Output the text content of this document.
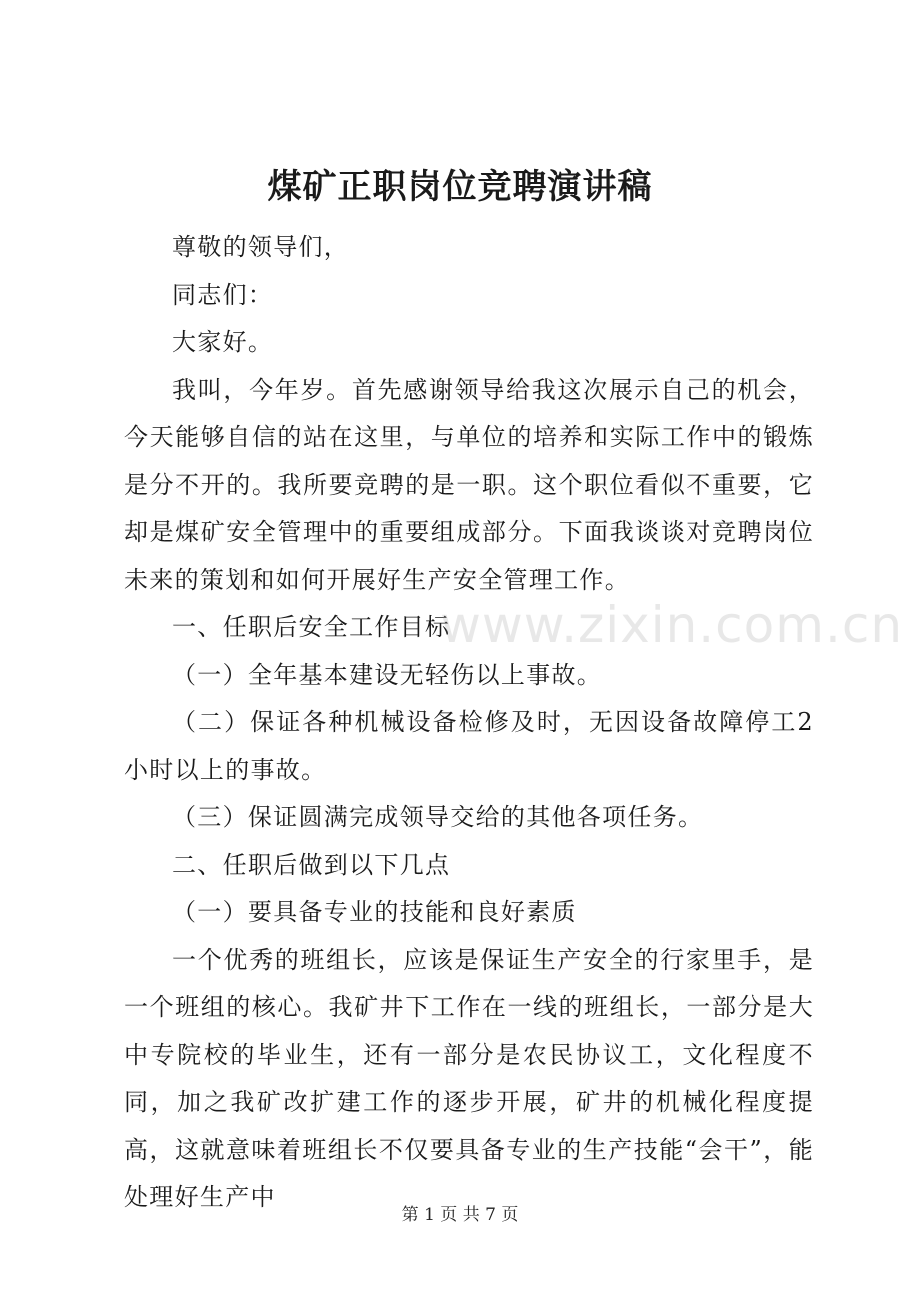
煤矿正职岗位竞聘演讲稿

尊敬的领导们，

同志们：

大家好。

我叫，今年岁。首先感谢领导给我这次展示自己的机会，今天能够自信的站在这里，与单位的培养和实际工作中的锻炼是分不开的。我所要竞聘的是一职。这个职位看似不重要，它却是煤矿安全管理中的重要组成部分。下面我谈谈对竞聘岗位未来的策划和如何开展好生产安全管理工作。

一、任职后安全工作目标

（一）全年基本建设无轻伤以上事故。

（二）保证各种机械设备检修及时，无因设备故障停工2小时以上的事故。

（三）保证圆满完成领导交给的其他各项任务。

二、任职后做到以下几点

（一）要具备专业的技能和良好素质

一个优秀的班组长，应该是保证生产安全的行家里手，是一个班组的核心。我矿井下工作在一线的班组长，一部分是大中专院校的毕业生，还有一部分是农民协议工，文化程度不同，加之我矿改扩建工作的逐步开展，矿井的机械化程度提高，这就意味着班组长不仅要具备专业的生产技能“会干”，能处理好生产中

www.zixin.com.cn
第 1 页 共 7 页
